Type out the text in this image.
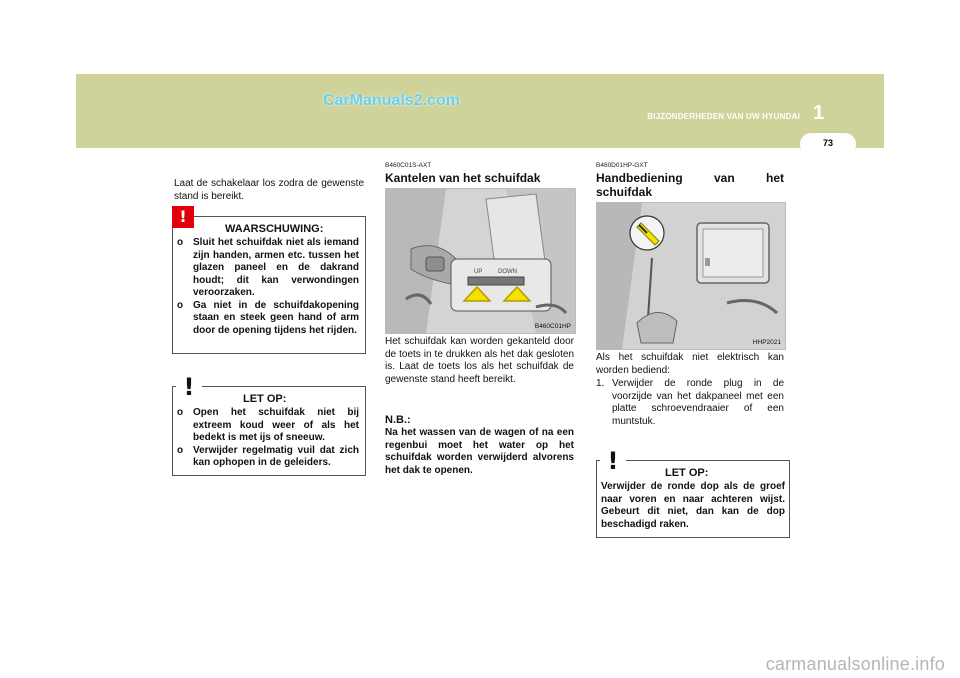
CarManuals2.com
BIJZONDERHEDEN VAN UW HYUNDAI 1
73

Laat de schakelaar los zodra de gewenste stand is bereikt.

!
WAARSCHUWING:
o Sluit het schuifdak niet als iemand zijn handen, armen etc. tussen het glazen paneel en de dakrand houdt; dit kan verwondingen veroorzaken.
o Ga niet in de schuifdakopening staan en steek geen hand of arm door de opening tijdens het rijden.
!	LET OP:
o Open het schuifdak niet bij extreem koud weer of als het bedekt is met ijs of sneeuw.
o Verwijder regelmatig vuil dat zich kan ophopen in de geleiders.
B460C01S-AXT
Kantelen van het schuifdak
UP	DOWN
B460C01HP

Het schuifdak kan worden gekanteld door de toets in te drukken als het dak gesloten is. Laat de toets los als het schuifdak de gewenste stand heeft bereikt.

N.B.:

Na het wassen van de wagen of na een regenbui moet het water op het schuifdak worden verwijderd alvorens het dak te openen.

B460D01HP-GXT
Handbediening van het schuifdak
HHP2021

Als het schuifdak niet elektrisch kan worden bediend:

1. Verwijder de ronde plug in de voorzijde van het dakpaneel met een platte schroevendraaier of een muntstuk.
!	LET OP:

Verwijder de ronde dop als de groef naar voren en naar achteren wijst. Gebeurt dit niet, dan kan de dop beschadigd raken.

carmanualsonline.info
